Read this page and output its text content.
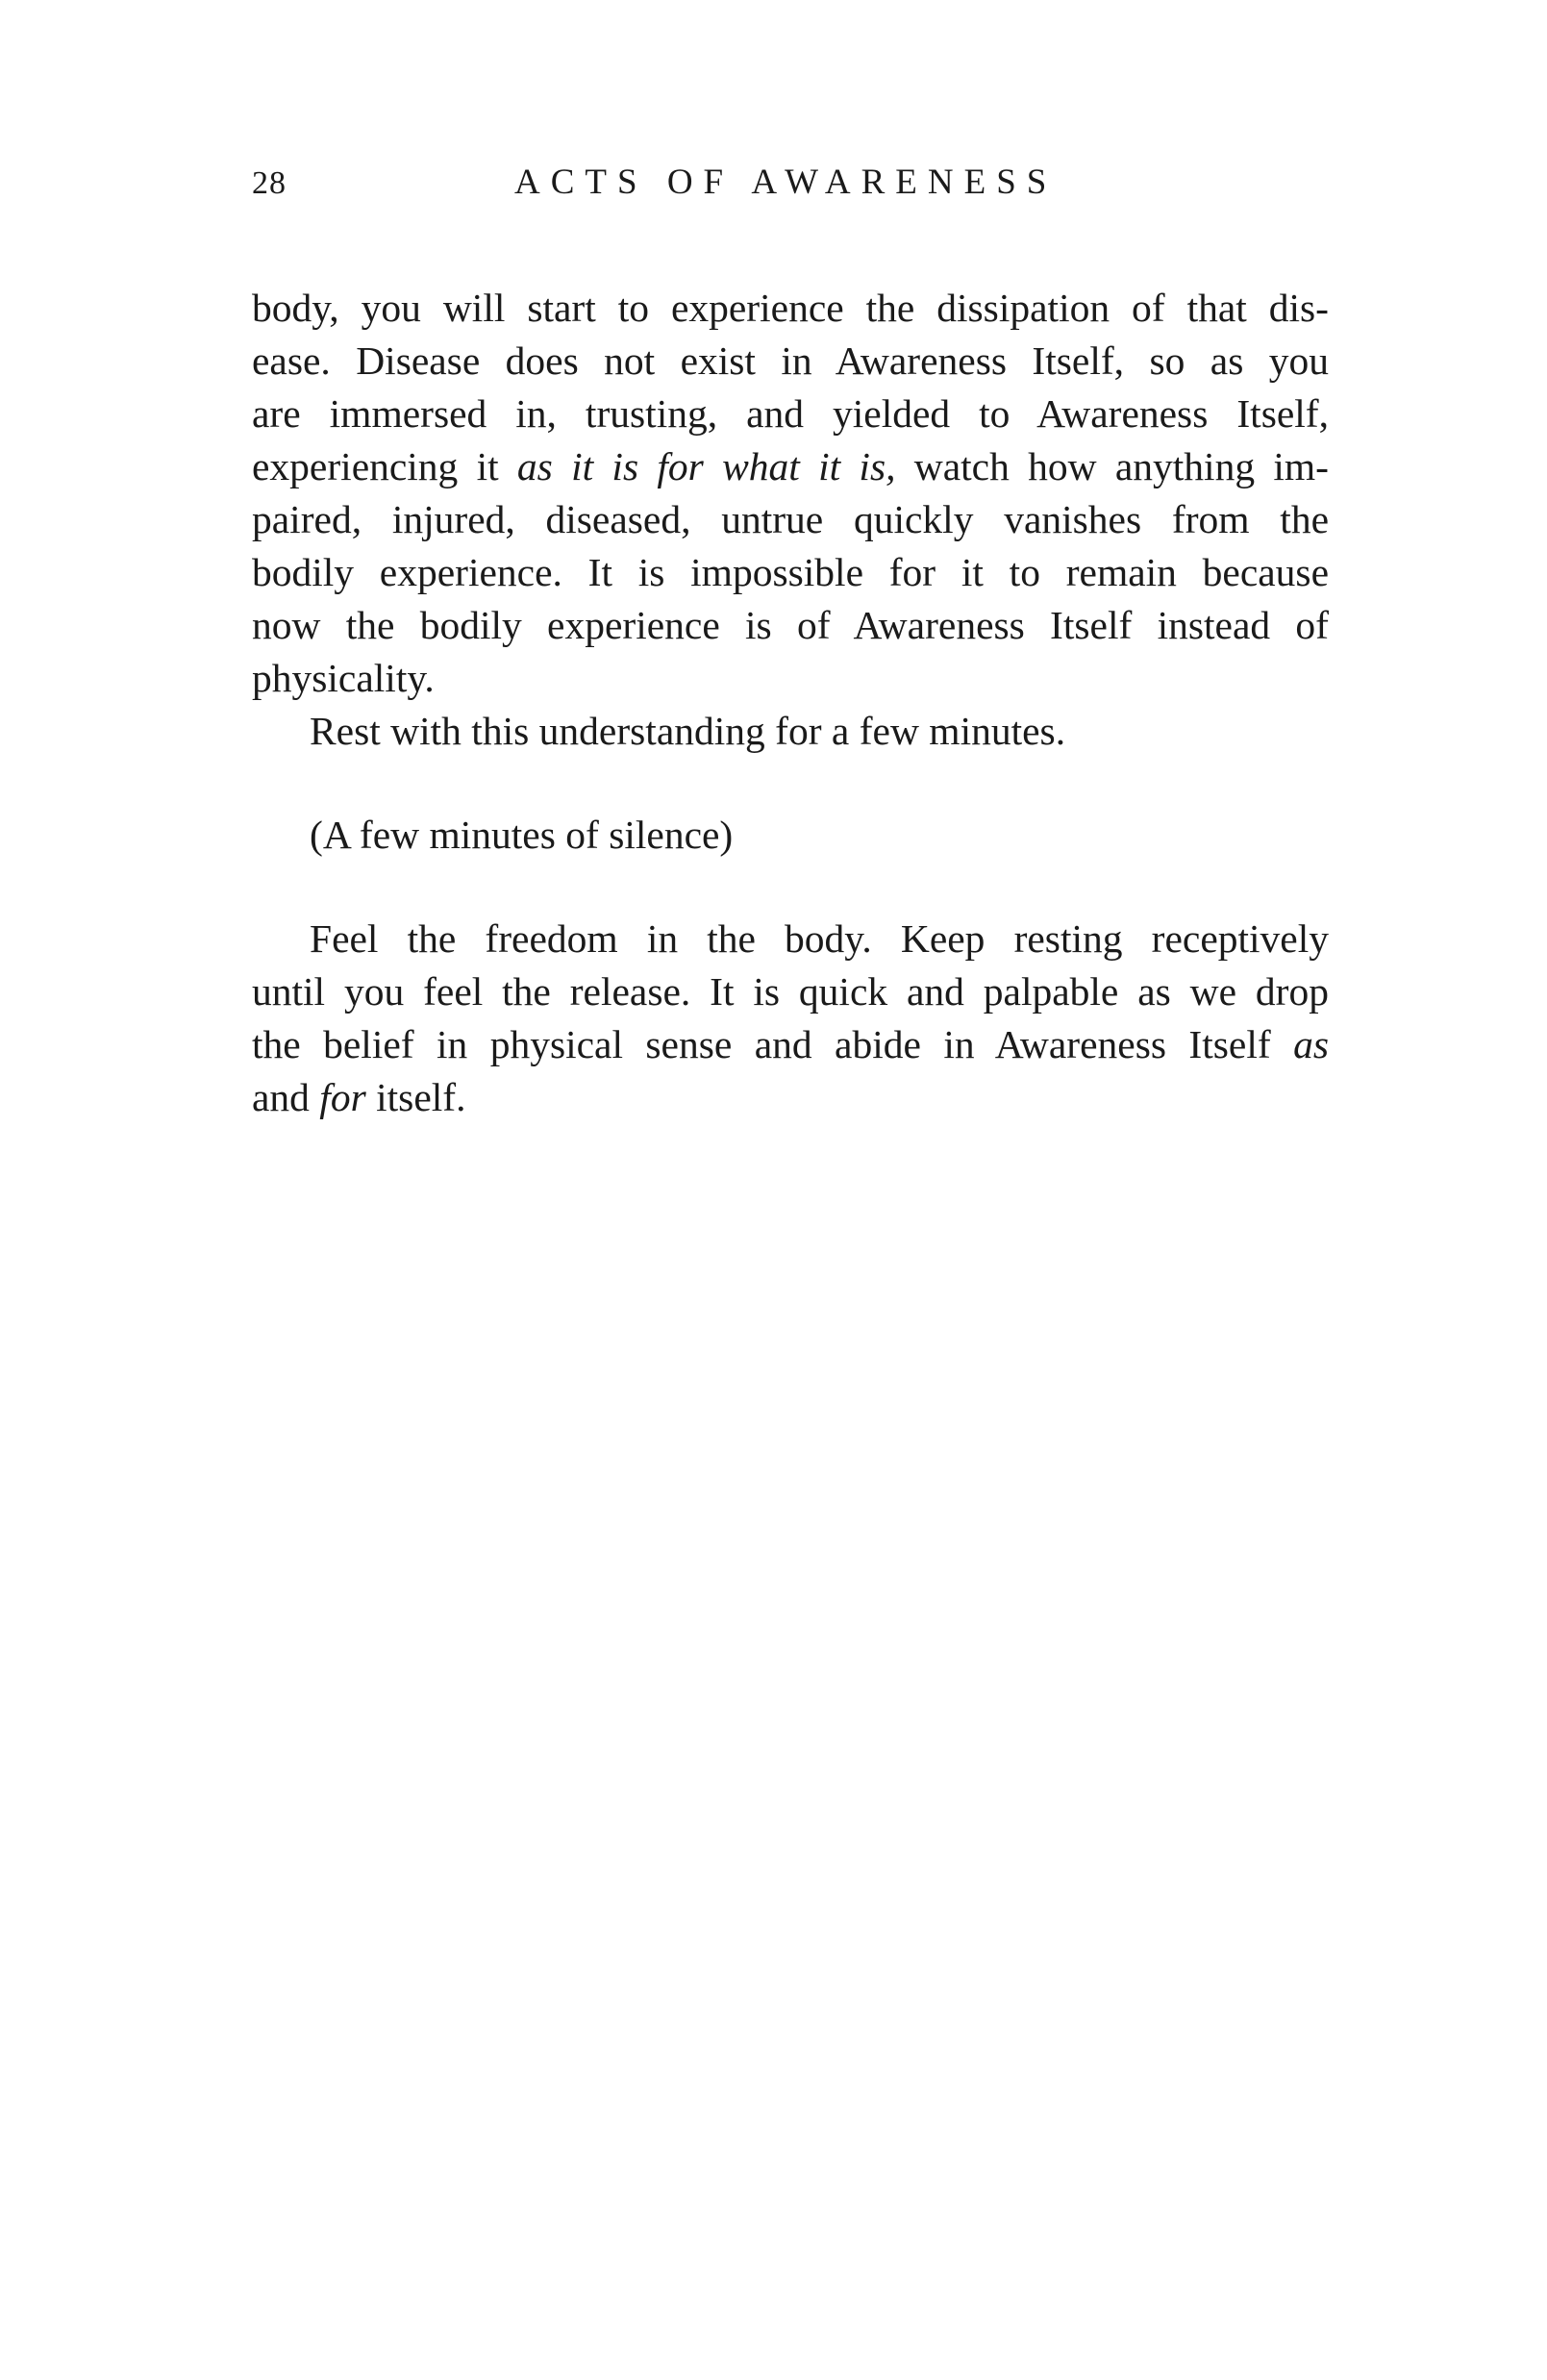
28	ACTS OF AWARENESS
body, you will start to experience the dissipation of that dis-
ease. Disease does not exist in Awareness Itself, so as you
are immersed in, trusting, and yielded to Awareness Itself,
experiencing it as it is for what it is, watch how anything im-
paired, injured, diseased, untrue quickly vanishes from the
bodily experience. It is impossible for it to remain because
now the bodily experience is of Awareness Itself instead of
physicality.
Rest with this understanding for a few minutes.
(A few minutes of silence)
Feel the freedom in the body. Keep resting receptively
until you feel the release. It is quick and palpable as we drop
the belief in physical sense and abide in Awareness Itself as
and for itself.
